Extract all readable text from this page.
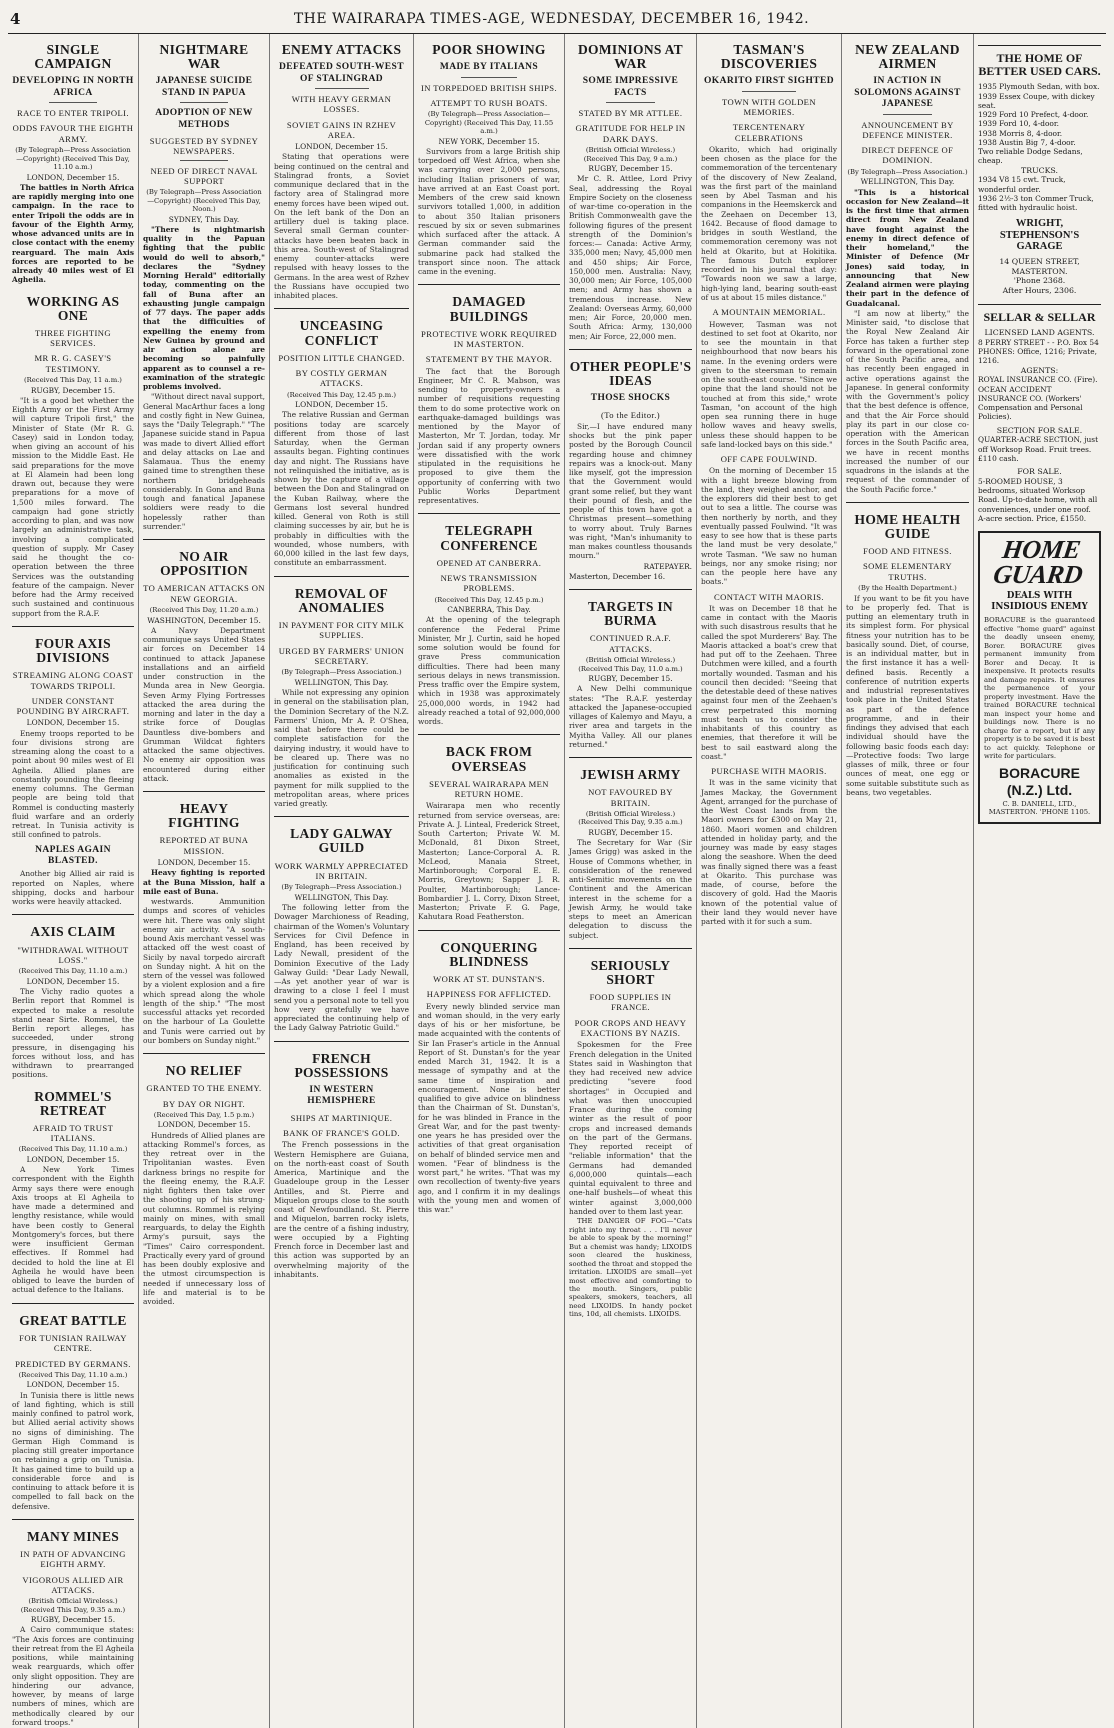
4	THE WAIRARAPA TIMES-AGE, WEDNESDAY, DECEMBER 16, 1942.
SINGLE CAMPAIGN
DEVELOPING IN NORTH AFRICA
RACE TO ENTER TRIPOLI.
ODDS FAVOUR THE EIGHTH ARMY.
(By Telegraph—Press Association—Copyright) (Received This Day, 11.10 a.m.)
LONDON, December 15.

The battles in North Africa are rapidly merging into one campaign. In the race to enter Tripoli the odds are in favour of the Eighth Army, whose advanced units are in close contact with the enemy rearguard. The main Axis forces are reported to be already 40 miles west of El Agheila.

WORKING AS ONE
THREE FIGHTING SERVICES.
MR R. G. CASEY'S TESTIMONY.
(Received This Day, 11 a.m.)
RUGBY, December 15.

"It is a good bet whether the Eighth Army or the First Army will capture Tripoli first," the Minister of State (Mr R. G. Casey) said in London today, when giving an account of his mission to the Middle East. He said preparations for the move at El Alamein had been long drawn out, because they were preparations for a move of 1,500 miles forward. The campaign had gone strictly according to plan, and was now largely an administrative task, involving a complicated question of supply. Mr Casey said he thought the co-operation between the three Services was the outstanding feature of the campaign. Never before had the Army received such sustained and continuous support from the R.A.F.

FOUR AXIS DIVISIONS
STREAMING ALONG COAST TOWARDS TRIPOLI.
UNDER CONSTANT POUNDING BY AIRCRAFT.
LONDON, December 15.

Enemy troops reported to be four divisions strong are streaming along the coast to a point about 90 miles west of El Agheila. Allied planes are constantly pounding the fleeing enemy columns. The German people are being told that Rommel is conducting masterly fluid warfare and an orderly retreat. In Tunisia activity is still confined to patrols.

NAPLES AGAIN BLASTED.

Another big Allied air raid is reported on Naples, where shipping, docks and harbour works were heavily attacked.

AXIS CLAIM
"WITHDRAWAL WITHOUT LOSS."
(Received This Day, 11.10 a.m.)
LONDON, December 15.

The Vichy radio quotes a Berlin report that Rommel is expected to make a resolute stand near Sirte. Rommel, the Berlin report alleges, has succeeded, under strong pressure, in disengaging his forces without loss, and has withdrawn to prearranged positions.

ROMMEL'S RETREAT
AFRAID TO TRUST ITALIANS.
(Received This Day, 11.10 a.m.)
LONDON, December 15.

A New York Times correspondent with the Eighth Army says there were enough Axis troops at El Agheila to have made a determined and lengthy resistance, while would have been costly to General Montgomery's forces, but there were insufficient German effectives. If Rommel had decided to hold the line at El Agheila he would have been obliged to leave the burden of actual defence to the Italians.

GREAT BATTLE
FOR TUNISIAN RAILWAY CENTRE.
PREDICTED BY GERMANS.
(Received This Day, 11.10 a.m.)
LONDON, December 15.

In Tunisia there is little news of land fighting, which is still mainly confined to patrol work, but Allied aerial activity shows no signs of diminishing. The German High Command is placing still greater importance on retaining a grip on Tunisia. It has gained time to build up a considerable force and is continuing to attack before it is compelled to fall back on the defensive.

MANY MINES
IN PATH OF ADVANCING EIGHTH ARMY.
VIGOROUS ALLIED AIR ATTACKS.
(British Official Wireless.) (Received This Day, 9.35 a.m.)
RUGBY, December 15.

A Cairo communique states: "The Axis forces are continuing their retreat from the El Agheila positions, while maintaining weak rearguards, which offer only slight opposition. They are hindering our advance, however, by means of large numbers of mines, which are methodically cleared by our forward troops."

NIGHTMARE WAR
JAPANESE SUICIDE STAND IN PAPUA
ADOPTION OF NEW METHODS
SUGGESTED BY SYDNEY NEWSPAPERS.
NEED OF DIRECT NAVAL SUPPORT
(By Telegraph—Press Association—Copyright) (Received This Day, Noon.)
SYDNEY, This Day.

"There is nightmarish quality in the Papuan fighting that the public would do well to absorb," declares the "Sydney Morning Herald" editorially today, commenting on the fall of Buna after an exhausting jungle campaign of 77 days. The paper adds that the difficulties of expelling the enemy from New Guinea by ground and air action alone are becoming so painfully apparent as to counsel a re-examination of the strategic problems involved.

"Without direct naval support, General MacArthur faces a long and costly fight in New Guinea, says the "Daily Telegraph." "The Japanese suicide stand in Papua was made to divert Allied effort and delay attacks on Lae and Salamaua. Thus the enemy gained time to strengthen these northern bridgeheads considerably. In Gona and Buna tough and fanatical Japanese soldiers were ready to die hopelessly rather than surrender."

NO AIR OPPOSITION
TO AMERICAN ATTACKS ON NEW GEORGIA.
(Received This Day, 11.20 a.m.)
WASHINGTON, December 15.

A Navy Department communique says United States air forces on December 14 continued to attack Japanese installations and an airfield under construction in the Munda area in New Georgia. Seven Army Flying Fortresses attacked the area during the morning and later in the day a strike force of Douglas Dauntless dive-bombers and Grumman Wildcat fighters attacked the same objectives. No enemy air opposition was encountered during either attack.

HEAVY FIGHTING
REPORTED AT BUNA MISSION.
LONDON, December 15.

Heavy fighting is reported at the Buna Mission, half a mile east of Buna.

westwards. Ammunition dumps and scores of vehicles were hit. There was only slight enemy air activity. "A south-bound Axis merchant vessel was attacked off the west coast of Sicily by naval torpedo aircraft on Sunday night. A hit on the stern of the vessel was followed by a violent explosion and a fire which spread along the whole length of the ship." "The most successful attacks yet recorded on the harbour of La Goulette and Tunis were carried out by our bombers on Sunday night."

NO RELIEF
GRANTED TO THE ENEMY.
BY DAY OR NIGHT.
(Received This Day, 1.5 p.m.)
LONDON, December 15.

Hundreds of Allied planes are attacking Rommel's forces, as they retreat over in the Tripolitanian wastes. Even darkness brings no respite for the fleeing enemy, the R.A.F. night fighters then take over the shooting up of his strung-out columns. Rommel is relying mainly on mines, with small rearguards, to delay the Eighth Army's pursuit, says the "Times" Cairo correspondent. Practically every yard of ground has been doubly explosive and the utmost circumspection is needed if unnecessary loss of life and material is to be avoided.

ENEMY ATTACKS
DEFEATED SOUTH-WEST OF STALINGRAD
WITH HEAVY GERMAN LOSSES.
SOVIET GAINS IN RZHEV AREA.
LONDON, December 15.

Stating that operations were being continued on the central and Stalingrad fronts, a Soviet communique declared that in the factory area of Stalingrad more enemy forces have been wiped out. On the left bank of the Don an artillery duel is taking place. Several small German counter-attacks have been beaten back in this area. South-west of Stalingrad enemy counter-attacks were repulsed with heavy losses to the Germans. In the area west of Rzhev the Russians have occupied two inhabited places.

UNCEASING CONFLICT
POSITION LITTLE CHANGED.
BY COSTLY GERMAN ATTACKS.
(Received This Day, 12.45 p.m.)
LONDON, December 15.

The relative Russian and German positions today are scarcely different from those of last Saturday, when the German assaults began. Fighting continues day and night. The Russians have not relinquished the initiative, as is shown by the capture of a village between the Don and Stalingrad on the Kuban Railway, where the Germans lost several hundred killed. General von Roth is still claiming successes by air, but he is probably in difficulties with the wounded, whose numbers, with 60,000 killed in the last few days, constitute an embarrassment.

REMOVAL OF ANOMALIES
IN PAYMENT FOR CITY MILK SUPPLIES.
URGED BY FARMERS' UNION SECRETARY.
(By Telegraph—Press Association.)
WELLINGTON, This Day.

While not expressing any opinion in general on the stabilisation plan, the Dominion Secretary of the N.Z. Farmers' Union, Mr A. P. O'Shea, said that before there could be complete satisfaction for the dairying industry, it would have to be cleared up. There was no justification for continuing such anomalies as existed in the payment for milk supplied to the metropolitan areas, where prices varied greatly.

LADY GALWAY GUILD
WORK WARMLY APPRECIATED IN BRITAIN.
(By Telegraph—Press Association.)
WELLINGTON, This Day.

The following letter from the Dowager Marchioness of Reading, chairman of the Women's Voluntary Services for Civil Defence in England, has been received by Lady Newall, president of the Dominion Executive of the Lady Galway Guild: "Dear Lady Newall,—As yet another year of war is drawing to a close I feel I must send you a personal note to tell you how very gratefully we have appreciated the continuing help of the Lady Galway Patriotic Guild."

FRENCH POSSESSIONS
IN WESTERN HEMISPHERE
SHIPS AT MARTINIQUE.
BANK OF FRANCE'S GOLD.

The French possessions in the Western Hemisphere are Guiana, on the north-east coast of South America, Martinique and the Guadeloupe group in the Lesser Antilles, and St. Pierre and Miquelon groups close to the south coast of Newfoundland. St. Pierre and Miquelon, barren rocky islets, are the centre of a fishing industry, were occupied by a Fighting French force in December last and this action was supported by an overwhelming majority of the inhabitants.

POOR SHOWING
MADE BY ITALIANS
IN TORPEDOED BRITISH SHIPS.
ATTEMPT TO RUSH BOATS.
(By Telegraph—Press Association—Copyright) (Received This Day, 11.55 a.m.)
NEW YORK, December 15.

Survivors from a large British ship torpedoed off West Africa, when she was carrying over 2,000 persons, including Italian prisoners of war, have arrived at an East Coast port. Members of the crew said known survivors totalled 1,000, in addition to about 350 Italian prisoners rescued by six or seven submarines which surfaced after the attack. A German commander said the submarine pack had stalked the transport since noon. The attack came in the evening.

DAMAGED BUILDINGS
PROTECTIVE WORK REQUIRED IN MASTERTON.
STATEMENT BY THE MAYOR.

The fact that the Borough Engineer, Mr C. R. Mabson, was sending to property-owners a number of requisitions requesting them to do some protective work on earthquake-damaged buildings was mentioned by the Mayor of Masterton, Mr T. Jordan, today. Mr Jordan said if any property owners were dissatisfied with the work stipulated in the requisitions he proposed to give them the opportunity of conferring with two Public Works Department representatives.

TELEGRAPH CONFERENCE
OPENED AT CANBERRA.
NEWS TRANSMISSION PROBLEMS.
(Received This Day, 12.45 p.m.)
CANBERRA, This Day.

At the opening of the telegraph conference the Federal Prime Minister, Mr J. Curtin, said he hoped some solution would be found for grave Press communication difficulties. There had been many serious delays in news transmission. Press traffic over the Empire system, which in 1938 was approximately 25,000,000 words, in 1942 had already reached a total of 92,000,000 words.

BACK FROM OVERSEAS
SEVERAL WAIRARAPA MEN RETURN HOME.

Wairarapa men who recently returned from service overseas, are: Private A. J. Linteal, Frederick Street, South Carterton; Private W. M. McDonald, 81 Dixon Street, Masterton; Lance-Corporal A. R. McLeod, Manaia Street, Martinborough; Corporal E. E. Morris, Greytown; Sapper J. R. Poulter, Martinborough; Lance-Bombardier J. L. Corry, Dixon Street, Masterton; Private F. G. Page, Kahutara Road Featherston.

CONQUERING BLINDNESS
WORK AT ST. DUNSTAN'S.
HAPPINESS FOR AFFLICTED.

Every newly blinded service man and woman should, in the very early days of his or her misfortune, be made acquainted with the contents of Sir Ian Fraser's article in the Annual Report of St. Dunstan's for the year ended March 31, 1942. It is a message of sympathy and at the same time of inspiration and encouragement. None is better qualified to give advice on blindness than the Chairman of St. Dunstan's, for he was blinded in France in the Great War, and for the past twenty-one years he has presided over the activities of that great organisation on behalf of blinded service men and women. "Fear of blindness is the worst part," he writes. "That was my own recollection of twenty-five years ago, and I confirm it in my dealings with the young men and women of this war."

DOMINIONS AT WAR
SOME IMPRESSIVE FACTS
STATED BY MR ATTLEE.
GRATITUDE FOR HELP IN DARK DAYS.
(British Official Wireless.) (Received This Day, 9 a.m.)
RUGBY, December 15.

Mr C. R. Attlee, Lord Privy Seal, addressing the Royal Empire Society on the closeness of war-time co-operation in the British Commonwealth gave the following figures of the present strength of the Dominion's forces:— Canada: Active Army, 335,000 men; Navy, 45,000 men and 450 ships; Air Force, 150,000 men. Australia: Navy, 30,000 men; Air Force, 105,000 men; and Army has shown a tremendous increase. New Zealand: Overseas Army, 60,000 men; Air Force, 20,000 men. South Africa: Army, 130,000 men; Air Force, 22,000 men.

OTHER PEOPLE'S IDEAS
THOSE SHOCKS
(To the Editor.)

Sir,—I have endured many shocks but the pink paper posted by the Borough Council regarding house and chimney repairs was a knock-out. Many like myself, got the impression that the Government would grant some relief, but they want their pound of flesh, and the people of this town have got a Christmas present—something to worry about. Truly Barnes was right, "Man's inhumanity to man makes countless thousands mourn."

RATEPAYER.
Masterton, December 16.
TARGETS IN BURMA
CONTINUED R.A.F. ATTACKS.
(British Official Wireless.) (Received This Day, 11.0 a.m.)
RUGBY, December 15.

A New Delhi communique states: "The R.A.F. yesterday attacked the Japanese-occupied villages of Kalemyo and Mayu, a river area and targets in the Myitha Valley. All our planes returned."

JEWISH ARMY
NOT FAVOURED BY BRITAIN.
(British Official Wireless.) (Received This Day, 9.35 a.m.)
RUGBY, December 15.

The Secretary for War (Sir James Grigg) was asked in the House of Commons whether, in consideration of the renewed anti-Semitic movements on the Continent and the American interest in the scheme for a Jewish Army, he would take steps to meet an American delegation to discuss the subject.

SERIOUSLY SHORT
FOOD SUPPLIES IN FRANCE.
POOR CROPS AND HEAVY EXACTIONS BY NAZIS.

Spokesmen for the Free French delegation in the United States said in Washington that they had received new advice predicting "severe food shortages" in Occupied and what was then unoccupied France during the coming winter as the result of poor crops and increased demands on the part of the Germans. They reported receipt of "reliable information" that the Germans had demanded 6,000,000 quintals—each quintal equivalent to three and one-half bushels—of wheat this winter against 3,000,000 handed over to them last year.

THE DANGER OF FOG—"Cats right into my throat . . . I'll never be able to speak by the morning!" But a chemist was handy; LIXOIDS soon cleared the huskiness, soothed the throat and stopped the irritation. LIXOIDS are small—yet most effective and comforting to the mouth. Singers, public speakers, smokers, teachers, all need LIXOIDS. In handy pocket tins, 10d, all chemists. LIXOIDS.

TASMAN'S DISCOVERIES
OKARITO FIRST SIGHTED
TOWN WITH GOLDEN MEMORIES.
TERCENTENARY CELEBRATIONS

Okarito, which had originally been chosen as the place for the commemoration of the tercentenary of the discovery of New Zealand, was the first part of the mainland seen by Abel Tasman and his companions in the Heemskerck and the Zeehaen on December 13, 1642. Because of flood damage to bridges in south Westland, the commemoration ceremony was not held at Okarito, but at Hokitika. The famous Dutch explorer recorded in his journal that day: "Towards noon we saw a large, high-lying land, bearing south-east of us at about 15 miles distance."

A MOUNTAIN MEMORIAL.

However, Tasman was not destined to set foot at Okarito, nor to see the mountain in that neighbourhood that now bears his name. In the evening orders were given to the steersman to remain on the south-east course. "Since we opine that the land should not be touched at from this side," wrote Tasman, "on account of the high open sea running there in huge hollow waves and heavy swells, unless these should happen to be safe land-locked bays on this side."

OFF CAPE FOULWIND.

On the morning of December 15 with a light breeze blowing from the land, they weighed anchor, and the explorers did their best to get out to sea a little. The course was then northerly by north, and they eventually passed Foulwind. "It was easy to see how that is these parts the land must be very desolate," wrote Tasman. "We saw no human beings, nor any smoke rising; nor can the people here have any boats."

CONTACT WITH MAORIS.

It was on December 18 that he came in contact with the Maoris with such disastrous results that he called the spot Murderers' Bay. The Maoris attacked a boat's crew that had put off to the Zeehaen. Three Dutchmen were killed, and a fourth mortally wounded. Tasman and his council then decided: "Seeing that the detestable deed of these natives against four men of the Zeehaen's crew perpetrated this morning must teach us to consider the inhabitants of this country as enemies, that therefore it will be best to sail eastward along the coast."

PURCHASE WITH MAORIS.

It was in the same vicinity that James Mackay, the Government Agent, arranged for the purchase of the West Coast lands from the Maori owners for £300 on May 21, 1860. Maori women and children attended in holiday party, and the journey was made by easy stages along the seashore. When the deed was finally signed there was a feast at Okarito. This purchase was made, of course, before the discovery of gold. Had the Maoris known of the potential value of their land they would never have parted with it for such a sum.

NEW ZEALAND AIRMEN
IN ACTION IN SOLOMONS AGAINST JAPANESE
ANNOUNCEMENT BY DEFENCE MINISTER.
DIRECT DEFENCE OF DOMINION.
(By Telegraph—Press Association.)
WELLINGTON, This Day.

"This is a historical occasion for New Zealand—it is the first time that airmen direct from New Zealand have fought against the enemy in direct defence of their homeland," the Minister of Defence (Mr Jones) said today, in announcing that New Zealand airmen were playing their part in the defence of Guadalcanal.

"I am now at liberty," the Minister said, "to disclose that the Royal New Zealand Air Force has taken a further step forward in the operational zone of the South Pacific area, and has recently been engaged in active operations against the Japanese. In general conformity with the Government's policy that the best defence is offence, and that the Air Force should play its part in our close co-operation with the American forces in the South Pacific area, we have in recent months increased the number of our squadrons in the islands at the request of the commander of the South Pacific force."

HOME HEALTH GUIDE
FOOD AND FITNESS.
SOME ELEMENTARY TRUTHS.
(By the Health Department.)

If you want to be fit you have to be properly fed. That is putting an elementary truth in its simplest form. For physical fitness your nutrition has to be basically sound. Diet, of course, is an individual matter, but in the first instance it has a well-defined basis. Recently a conference of nutrition experts and industrial representatives took place in the United States as part of the defence programme, and in their findings they advised that each individual should have the following basic foods each day:—Protective foods: Two large glasses of milk, three or four ounces of meat, one egg or some suitable substitute such as beans, two vegetables.

THE HOME OF BETTER USED CARS.
1935 Plymouth Sedan, with box.
1939 Essex Coupe, with dickey seat.
1929 Ford 10 Prefect, 4-door.
1939 Ford 10, 4-door.
1938 Morris 8, 4-door.
1938 Austin Big 7, 4-door.
Two reliable Dodge Sedans, cheap.
TRUCKS.
1934 V8 15 cwt. Truck, wonderful order.
1936 2½-3 ton Commer Truck, fitted with hydraulic hoist.
WRIGHT, STEPHENSON'S GARAGE
14 QUEEN STREET, MASTERTON.
'Phone 2368.
After Hours, 2306.
SELLAR & SELLAR
LICENSED LAND AGENTS.
8 PERRY STREET - - P.O. Box 54
PHONES: Office, 1216; Private, 1216.
AGENTS:
ROYAL INSURANCE CO. (Fire). OCEAN ACCIDENT INSURANCE CO. (Workers' Compensation and Personal Policies).
SECTION FOR SALE.
QUARTER-ACRE SECTION, just off Worksop Road. Fruit trees. £110 cash.
FOR SALE.
5-ROOMED HOUSE, 3 bedrooms, situated Worksop Road. Up-to-date home, with all conveniences, under one roof. A-acre section. Price, £1550.
HOME GUARD
DEALS WITH INSIDIOUS ENEMY

BORACURE is the guaranteed effective "home guard" against the deadly unseen enemy, Borer. BORACURE gives permanent immunity from Borer and Decay. It is inexpensive. It protects results and damage repairs. It ensures the permanence of your property investment. Have the trained BORACURE technical man inspect your home and buildings now. There is no charge for a report, but if any property is to be saved it is best to act quickly. Telephone or write for particulars.

BORACURE (N.Z.) Ltd.
C. B. DANIELL, LTD., MASTERTON. 'PHONE 1105.
